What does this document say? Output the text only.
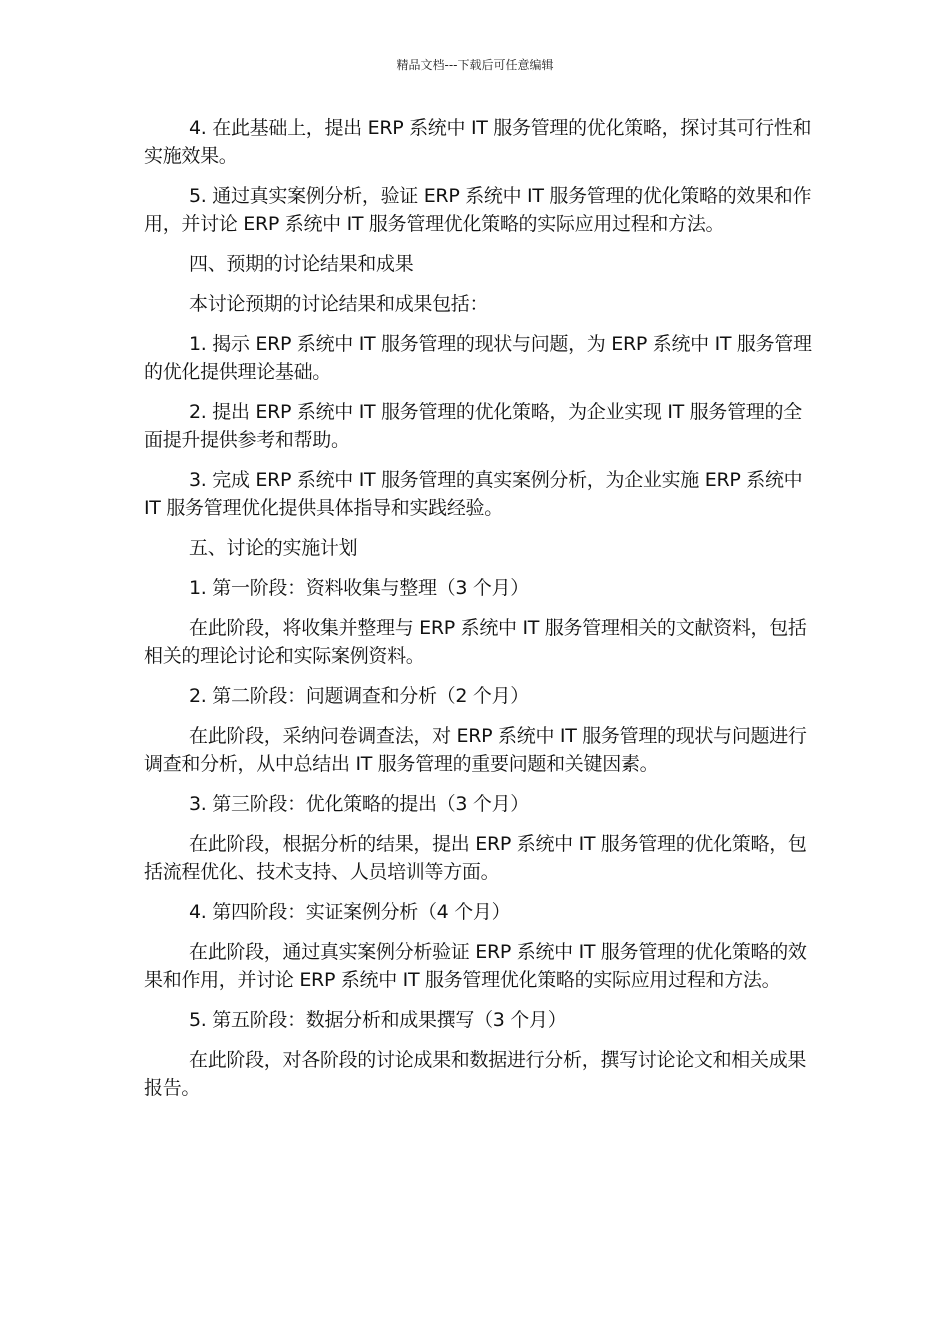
精品文档---下载后可任意编辑

4. 在此基础上，提出 ERP 系统中 IT 服务管理的优化策略，探讨其可行性和实施效果。

5. 通过真实案例分析，验证 ERP 系统中 IT 服务管理的优化策略的效果和作用，并讨论 ERP 系统中 IT 服务管理优化策略的实际应用过程和方法。

四、预期的讨论结果和成果

本讨论预期的讨论结果和成果包括：

1. 揭示 ERP 系统中 IT 服务管理的现状与问题，为 ERP 系统中 IT 服务管理的优化提供理论基础。

2. 提出 ERP 系统中 IT 服务管理的优化策略，为企业实现 IT 服务管理的全面提升提供参考和帮助。

3. 完成 ERP 系统中 IT 服务管理的真实案例分析，为企业实施 ERP 系统中 IT 服务管理优化提供具体指导和实践经验。

五、讨论的实施计划

1. 第一阶段：资料收集与整理（3 个月）

在此阶段，将收集并整理与 ERP 系统中 IT 服务管理相关的文献资料，包括相关的理论讨论和实际案例资料。

2. 第二阶段：问题调查和分析（2 个月）

在此阶段，采纳问卷调查法，对 ERP 系统中 IT 服务管理的现状与问题进行调查和分析，从中总结出 IT 服务管理的重要问题和关键因素。

3. 第三阶段：优化策略的提出（3 个月）

在此阶段，根据分析的结果，提出 ERP 系统中 IT 服务管理的优化策略，包括流程优化、技术支持、人员培训等方面。

4. 第四阶段：实证案例分析（4 个月）

在此阶段，通过真实案例分析验证 ERP 系统中 IT 服务管理的优化策略的效果和作用，并讨论 ERP 系统中 IT 服务管理优化策略的实际应用过程和方法。

5. 第五阶段：数据分析和成果撰写（3 个月）

在此阶段，对各阶段的讨论成果和数据进行分析，撰写讨论论文和相关成果报告。
